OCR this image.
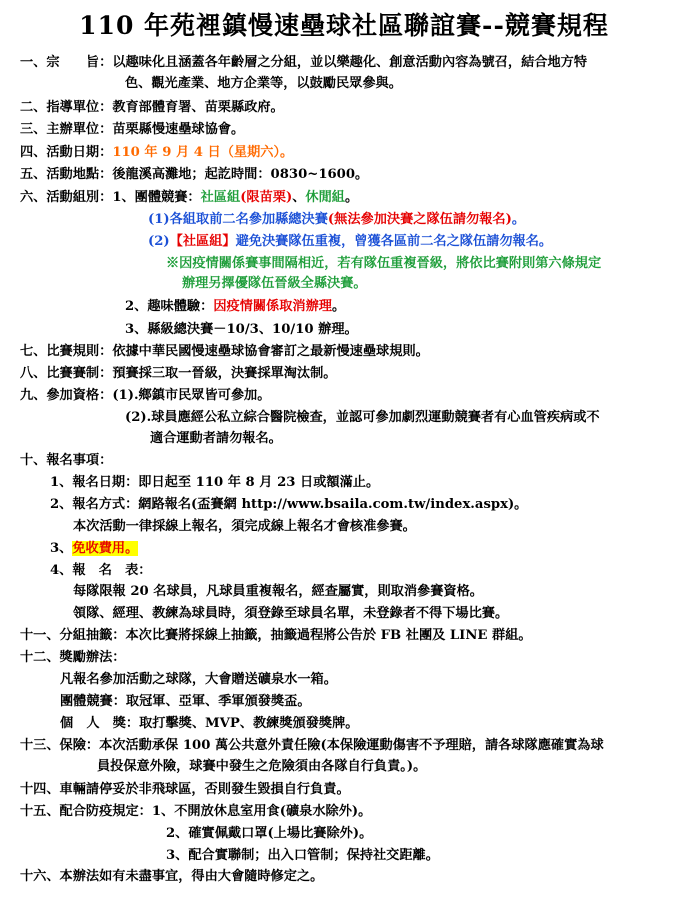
110 年苑裡鎮慢速壘球社區聯誼賽--競賽規程
一、宗　　旨：以趣味化且涵蓋各年齡層之分組，並以樂趣化、創意活動內容為號召，結合地方特
色、觀光產業、地方企業等，以鼓勵民眾參與。
二、指導單位：教育部體育署、苗栗縣政府。
三、主辦單位：苗栗縣慢速壘球協會。
四、活動日期：110 年 9 月 4 日（星期六）。
五、活動地點：後龍溪高灘地；起訖時間：0830~1600。
六、活動組別：1、團體競賽：社區組(限苗栗)、休閒組。
(1)各組取前二名參加縣總決賽(無法參加決賽之隊伍請勿報名)。
(2)【社區組】避免決賽隊伍重複，曾獲各區前二名之隊伍請勿報名。
※因疫情關係賽事間隔相近，若有隊伍重複晉級，將依比賽附則第六條規定
辦理另擇優隊伍晉級全縣決賽。
2、趣味體驗：因疫情關係取消辦理。
3、縣級總決賽－10/3、10/10 辦理。
七、比賽規則：依據中華民國慢速壘球協會審訂之最新慢速壘球規則。
八、比賽賽制：預賽採三取一晉級，決賽採單淘汰制。
九、參加資格：(1).鄉鎮市民眾皆可參加。
(2).球員應經公私立綜合醫院檢查，並認可參加劇烈運動競賽者有心血管疾病或不
適合運動者請勿報名。
十、報名事項：
1、報名日期：即日起至 110 年 8 月 23 日或額滿止。
2、報名方式：網路報名(盃賽網 http://www.bsaila.com.tw/index.aspx)。
本次活動一律採線上報名，須完成線上報名才會核准參賽。
3、免收費用。
4、報　名　表：
每隊限報 20 名球員，凡球員重複報名，經查屬實，則取消參賽資格。
領隊、經理、教練為球員時，須登錄至球員名單，未登錄者不得下場比賽。
十一、分組抽籤：本次比賽將採線上抽籤，抽籤過程將公告於 FB 社團及 LINE 群組。
十二、獎勵辦法：
凡報名參加活動之球隊，大會贈送礦泉水一箱。
團體競賽：取冠軍、亞軍、季軍頒發獎盃。
個　人　獎：取打擊獎、MVP、教練獎頒發獎牌。
十三、保險：本次活動承保 100 萬公共意外責任險(本保險運動傷害不予理賠，請各球隊應確實為球
員投保意外險，球賽中發生之危險須由各隊自行負責。)。
十四、車輛請停妥於非飛球區，否則發生毀損自行負責。
十五、配合防疫規定：1、不開放休息室用食(礦泉水除外)。
2、確實佩戴口罩(上場比賽除外)。
3、配合實聯制；出入口管制；保持社交距離。
十六、本辦法如有未盡事宜，得由大會隨時修定之。
